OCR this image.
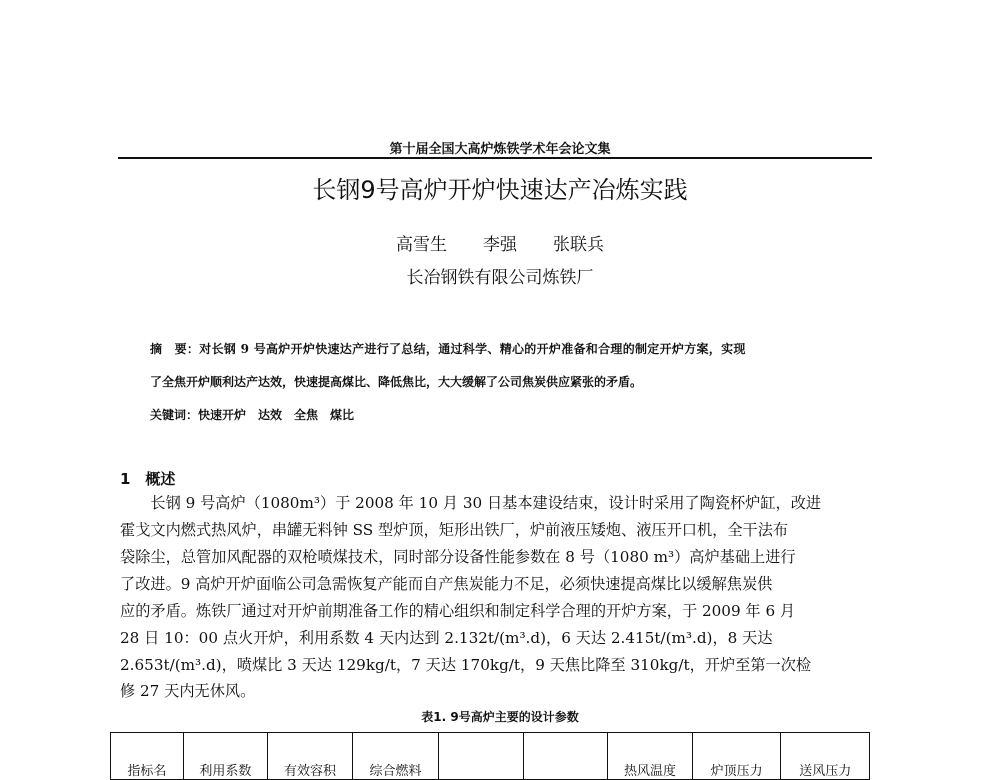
第十届全国大高炉炼铁学术年会论文集
长钢9号高炉开炉快速达产冶炼实践
高雪生 李强 张联兵
长冶钢铁有限公司炼铁厂
摘　要：对长钢 9 号高炉开炉快速达产进行了总结，通过科学、精心的开炉准备和合理的制定开炉方案，实现
了全焦开炉顺利达产达效，快速提高煤比、降低焦比，大大缓解了公司焦炭供应紧张的矛盾。
关键词：快速开炉　达效　全焦　煤比
1　概述
　　长钢 9 号高炉（1080m³）于 2008 年 10 月 30 日基本建设结束，设计时采用了陶瓷杯炉缸，改进
霍戈文内燃式热风炉，串罐无料钟 SS 型炉顶，矩形出铁厂，炉前液压矮炮、液压开口机，全干法布
袋除尘，总管加风配器的双枪喷煤技术，同时部分设备性能参数在 8 号（1080 m³）高炉基础上进行
了改进。9 高炉开炉面临公司急需恢复产能而自产焦炭能力不足，必须快速提高煤比以缓解焦炭供
应的矛盾。炼铁厂通过对开炉前期准备工作的精心组织和制定科学合理的开炉方案，于 2009 年 6 月
28 日 10：00 点火开炉，利用系数 4 天内达到 2.132t/(m³.d)，6 天达 2.415t/(m³.d)，8 天达
2.653t/(m³.d)，喷煤比 3 天达 129kg/t，7 天达 170kg/t，9 天焦比降至 310kg/t，开炉至第一次检
修 27 天内无休风。
表1. 9号高炉主要的设计参数
指标名	利用系数	有效容积	综合燃料			热风温度	炉顶压力	送风压力
